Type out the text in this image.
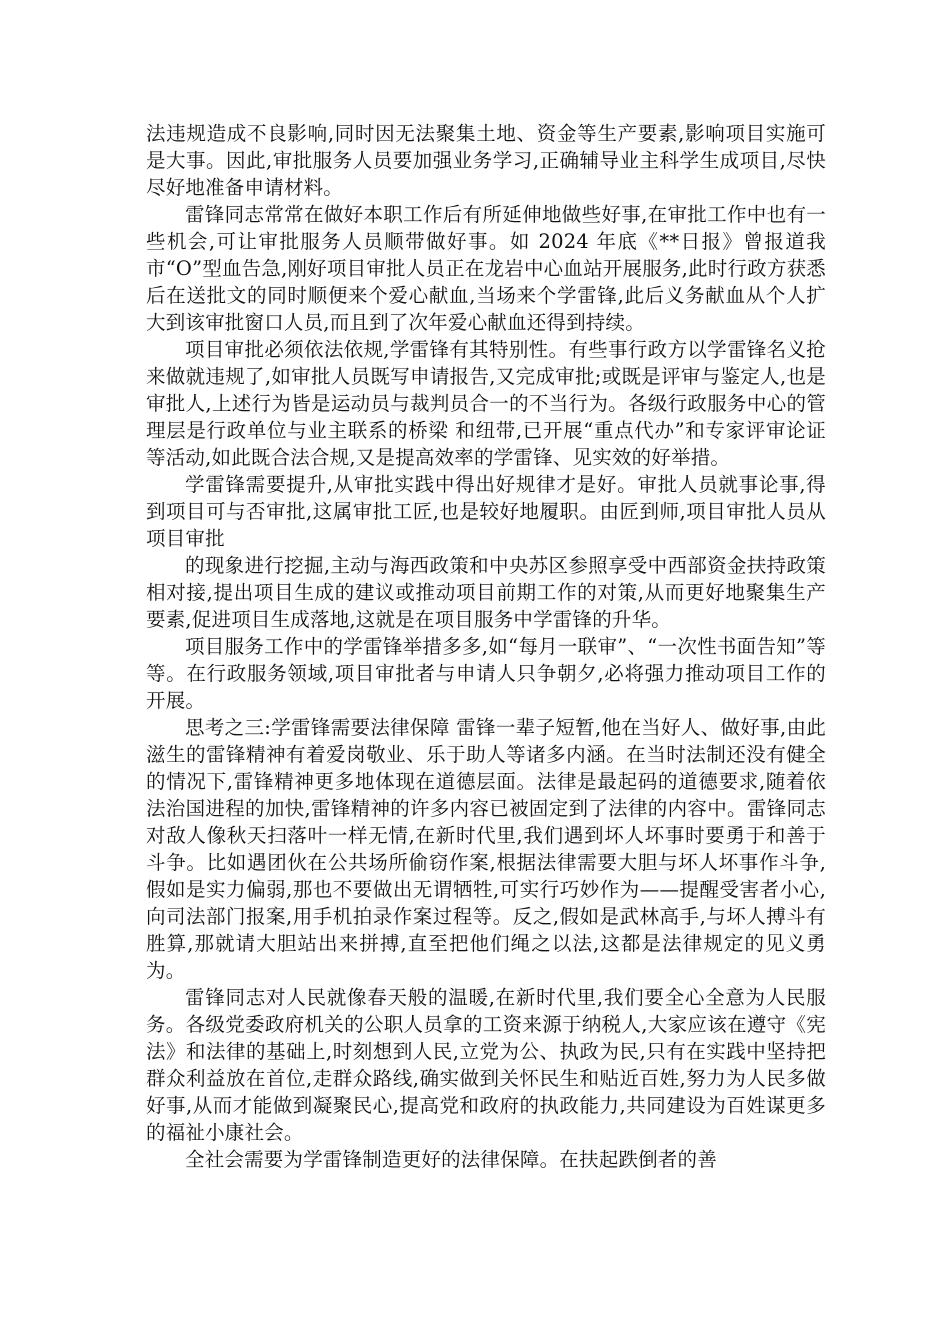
法违规造成不良影响,同时因无法聚集土地、资金等生产要素,影响项目实施可是大事。因此,审批服务人员要加强业务学习,正确辅导业主科学生成项目,尽快尽好地准备申请材料。

雷锋同志常常在做好本职工作后有所延伸地做些好事,在审批工作中也有一些机会,可让审批服务人员顺带做好事。如 2024 年底《**日报》曾报道我市“O”型血告急,刚好项目审批人员正在龙岩中心血站开展服务,此时行政方获悉后在送批文的同时顺便来个爱心献血,当场来个学雷锋,此后义务献血从个人扩大到该审批窗口人员,而且到了次年爱心献血还得到持续。

项目审批必须依法依规,学雷锋有其特别性。有些事行政方以学雷锋名义抢来做就违规了,如审批人员既写申请报告,又完成审批;或既是评审与鉴定人,也是审批人,上述行为皆是运动员与裁判员合一的不当行为。各级行政服务中心的管理层是行政单位与业主联系的桥梁 和纽带,已开展“重点代办”和专家评审论证等活动,如此既合法合规,又是提高效率的学雷锋、见实效的好举措。

学雷锋需要提升,从审批实践中得出好规律才是好。审批人员就事论事,得到项目可与否审批,这属审批工匠,也是较好地履职。由匠到师,项目审批人员从项目审批

的现象进行挖掘,主动与海西政策和中央苏区参照享受中西部资金扶持政策相对接,提出项目生成的建议或推动项目前期工作的对策,从而更好地聚集生产要素,促进项目生成落地,这就是在项目服务中学雷锋的升华。

项目服务工作中的学雷锋举措多多,如“每月一联审”、“一次性书面告知”等等。在行政服务领域,项目审批者与申请人只争朝夕,必将强力推动项目工作的开展。

思考之三:学雷锋需要法律保障 雷锋一辈子短暂,他在当好人、做好事,由此滋生的雷锋精神有着爱岗敬业、乐于助人等诸多内涵。在当时法制还没有健全的情况下,雷锋精神更多地体现在道德层面。法律是最起码的道德要求,随着依法治国进程的加快,雷锋精神的许多内容已被固定到了法律的内容中。雷锋同志对敌人像秋天扫落叶一样无情,在新时代里,我们遇到坏人坏事时要勇于和善于斗争。比如遇团伙在公共场所偷窃作案,根据法律需要大胆与坏人坏事作斗争,假如是实力偏弱,那也不要做出无谓牺牲,可实行巧妙作为——提醒受害者小心,向司法部门报案,用手机拍录作案过程等。反之,假如是武林高手,与坏人搏斗有胜算,那就请大胆站出来拼搏,直至把他们绳之以法,这都是法律规定的见义勇为。

雷锋同志对人民就像春天般的温暖,在新时代里,我们要全心全意为人民服务。各级党委政府机关的公职人员拿的工资来源于纳税人,大家应该在遵守《宪法》和法律的基础上,时刻想到人民,立党为公、执政为民,只有在实践中坚持把群众利益放在首位,走群众路线,确实做到关怀民生和贴近百姓,努力为人民多做好事,从而才能做到凝聚民心,提高党和政府的执政能力,共同建设为百姓谋更多的福祉小康社会。

全社会需要为学雷锋制造更好的法律保障。在扶起跌倒者的善
